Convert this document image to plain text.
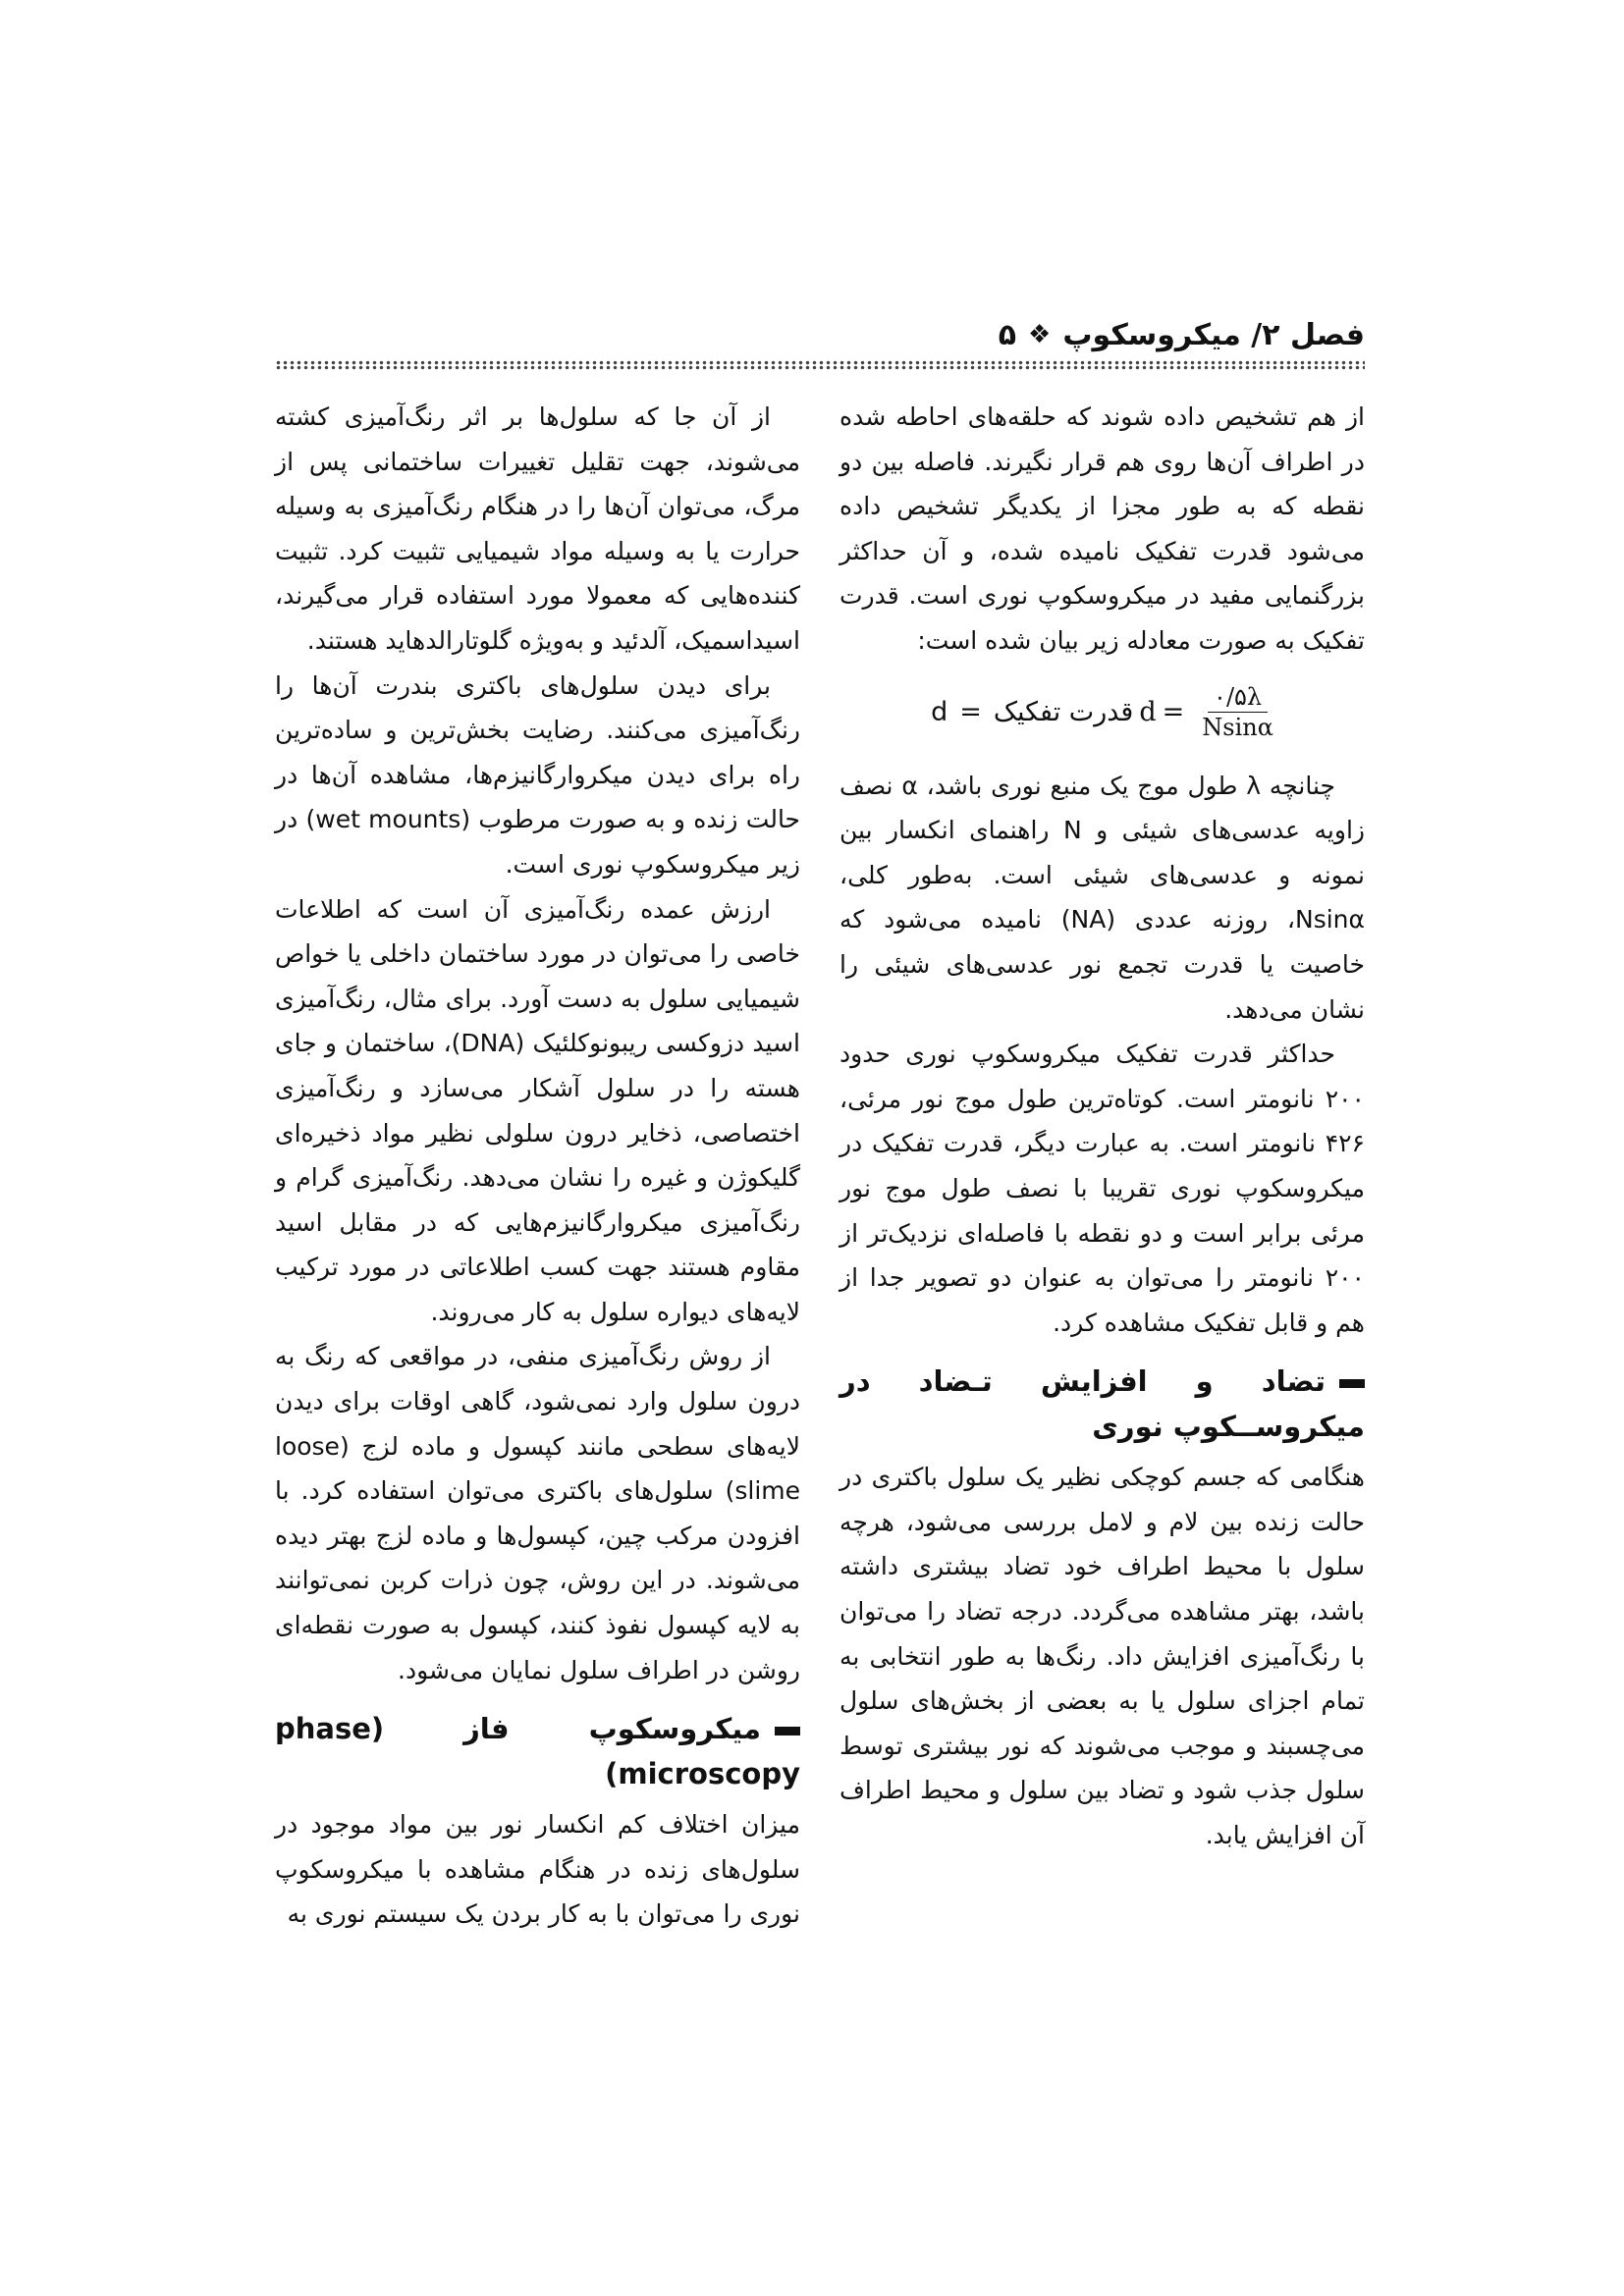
فصل ۲/ میکروسکوپ
❖
۵

از هم تشخیص داده شوند که حلقه‌های احاطه شده در اطراف آن‌ها روی هم قرار نگیرند. فاصله بین دو نقطه که به طور مجزا از یکدیگر تشخیص داده می‌شود قدرت تفکیک نامیده شده، و آن حداکثر بزرگنمایی مفید در میکروسکوپ نوری است. قدرت تفکیک به صورت معادله زیر بیان شده است:

$d = \frac{۰/۵\lambda}{Nsin\alpha}$
d = قدرت تفکیک

چنانچه λ طول موج یک منبع نوری باشد، α نصف زاویه عدسی‌های شیئی و N راهنمای انکسار بین نمونه و عدسی‌های شیئی است. به‌طور کلی، Nsinα، روزنه عددی (NA) نامیده می‌شود که خاصیت یا قدرت تجمع نور عدسی‌های شیئی را نشان می‌دهد.

حداکثر قدرت تفکیک میکروسکوپ نوری حدود ۲۰۰ نانومتر است. کوتاه‌ترین طول موج نور مرئی، ۴۲۶ نانومتر است. به عبارت دیگر، قدرت تفکیک در میکروسکوپ نوری تقریبا با نصف طول موج نور مرئی برابر است و دو نقطه با فاصله‌ای نزدیک‌تر از ۲۰۰ نانومتر را می‌توان به عنوان دو تصویر جدا از هم و قابل تفکیک مشاهده کرد.

تضاد و افزایش تـضاد در میکروســکوپ نوری

هنگامی که جسم کوچکی نظیر یک سلول باکتری در حالت زنده بین لام و لامل بررسی می‌شود، هرچه سلول با محیط اطراف خود تضاد بیشتری داشته باشد، بهتر مشاهده می‌گردد. درجه تضاد را می‌توان با رنگ‌آمیزی افزایش داد. رنگ‌ها به طور انتخابی به تمام اجزای سلول یا به بعضی از بخش‌های سلول می‌چسبند و موجب می‌شوند که نور بیشتری توسط سلول جذب شود و تضاد بین سلول و محیط اطراف آن افزایش یابد.

از آن جا که سلول‌ها بر اثر رنگ‌آمیزی کشته می‌شوند، جهت تقلیل تغییرات ساختمانی پس از مرگ، می‌توان آن‌ها را در هنگام رنگ‌آمیزی به وسیله حرارت یا به وسیله مواد شیمیایی تثبیت کرد. تثبیت کننده‌هایی که معمولا مورد استفاده قرار می‌گیرند، اسیداسمیک، آلدئید و به‌ویژه گلوتارالدهاید هستند.

برای دیدن سلول‌های باکتری بندرت آن‌ها را رنگ‌آمیزی می‌کنند. رضایت بخش‌ترین و ساده‌ترین راه برای دیدن میکروارگانیزم‌ها، مشاهده آن‌ها در حالت زنده و به صورت مرطوب (wet mounts) در زیر میکروسکوپ نوری است.

ارزش عمده رنگ‌آمیزی آن است که اطلاعات خاصی را می‌توان در مورد ساختمان داخلی یا خواص شیمیایی سلول به دست آورد. برای مثال، رنگ‌آمیزی اسید دزوکسی ریبونوکلئیک (DNA)، ساختمان و جای هسته را در سلول آشکار می‌سازد و رنگ‌آمیزی اختصاصی، ذخایر درون سلولی نظیر مواد ذخیره‌ای گلیکوژن و غیره را نشان می‌دهد. رنگ‌آمیزی گرام و رنگ‌آمیزی میکروارگانیزم‌هایی که در مقابل اسید مقاوم هستند جهت کسب اطلاعاتی در مورد ترکیب لایه‌های دیواره سلول به کار می‌روند.

از روش رنگ‌آمیزی منفی، در مواقعی که رنگ به درون سلول وارد نمی‌شود، گاهی اوقات برای دیدن لایه‌های سطحی مانند کپسول و ماده لزج (loose slime) سلول‌های باکتری می‌توان استفاده کرد. با افزودن مرکب چین، کپسول‌ها و ماده لزج بهتر دیده می‌شوند. در این روش، چون ذرات کربن نمی‌توانند به لایه کپسول نفوذ کنند، کپسول به صورت نقطه‌ای روشن در اطراف سلول نمایان می‌شود.

میکروسکوپ فاز (phase microscopy)

میزان اختلاف کم انکسار نور بین مواد موجود در سلول‌های زنده در هنگام مشاهده با میکروسکوپ نوری را می‌توان با به کار بردن یک سیستم نوری به
